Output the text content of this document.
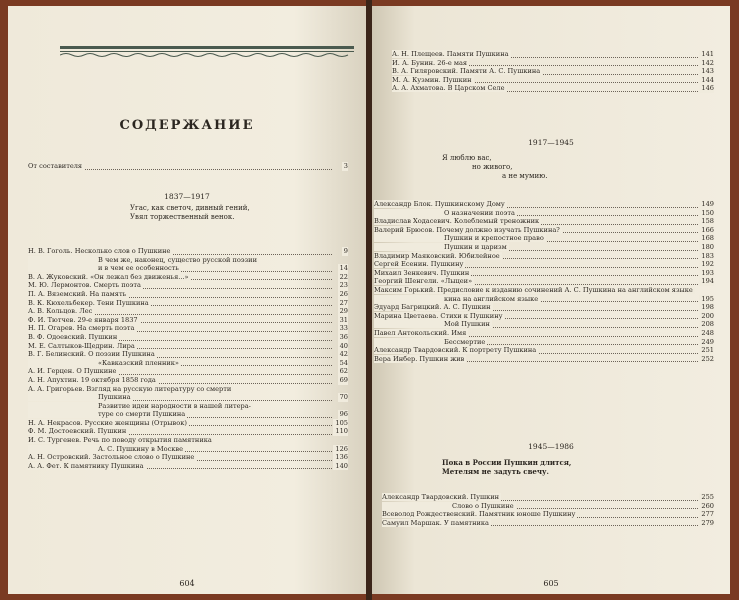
СОДЕРЖАНИЕ
От составителя	3
1837—1917
Угас, как светоч, дивный гений,
Увял торжественный венок.
Н. В. Гоголь. Несколько слов о Пушкине	9
В чем же, наконец, существо русской поэзии
и в чем ее особенность	14
В. А. Жуковский. «Он лежал без движенья...»	22
М. Ю. Лермонтов. Смерть поэта	23
П. А. Вяземский. На память	26
В. К. Кюхельбекер. Тени Пушкина	27
А. В. Кольцов. Лес	29
Ф. И. Тютчев. 29-е января 1837	31
Н. П. Огарев. На смерть поэта	33
В. Ф. Одоевский. Пушкин	36
М. Е. Салтыков-Щедрин. Лира	40
В. Г. Белинский. О поэзии Пушкина	42
«Кавказский пленник»	54
А. И. Герцен. О Пушкине	62
А. Н. Апухтин. 19 октября 1858 года	69
А. А. Григорьев. Взгляд на русскую литературу со смерти
Пушкина	70
Развитие идеи народности в нашей литера-
туре со смерти Пушкина	96
Н. А. Некрасов. Русские женщины (Отрывок)	105
Ф. М. Достоевский. Пушкин	110
И. С. Тургенев. Речь по поводу открытия памятника
А. С. Пушкину в Москве	126
А. Н. Островский. Застольное слово о Пушкине	136
А. А. Фет. К памятнику Пушкина	140
604
А. Н. Плещеев. Памяти Пушкина	141
И. А. Бунин. 26-е мая	142
В. А. Гиляровский. Памяти А. С. Пушкина	143
М. А. Кузмин. Пушкин	144
А. А. Ахматова. В Царском Селе	146
1917—1945
Я люблю вас,
но живого,
а не мумию.
Александр Блок. Пушкинскому Дому	149
О назначении поэта	150
Владислав Ходасевич. Колеблемый треножник	158
Валерий Брюсов. Почему должно изучать Пушкина?	166
Пушкин и крепостное право	168
Пушкин и царизм	180
Владимир Маяковский. Юбилейное	183
Сергей Есенин. Пушкину	192
Михаил Зенкевич. Пушкин	193
Георгий Шенгели. «Лыцеи»	194
Максим Горький. Предисловие к изданию сочинений А. С. Пушкина на английском языке
кина на английском языке	195
Эдуард Багрицкий. А. С. Пушкин	198
Марина Цветаева. Стихи к Пушкину	200
Мой Пушкин	208
Павел Антокольский. Имя	248
Бессмертие	249
Александр Твардовский. К портрету Пушкина	251
Вера Инбер. Пушкин жив	252
1945—1986
Пока в России Пушкин длится,
Метелям не задуть свечу.
Александр Твардовский. Пушкин	255
Слово о Пушкине	260
Всеволод Рождественский. Памятник юноше Пушкину	277
Самуил Маршак. У памятника	279
605
